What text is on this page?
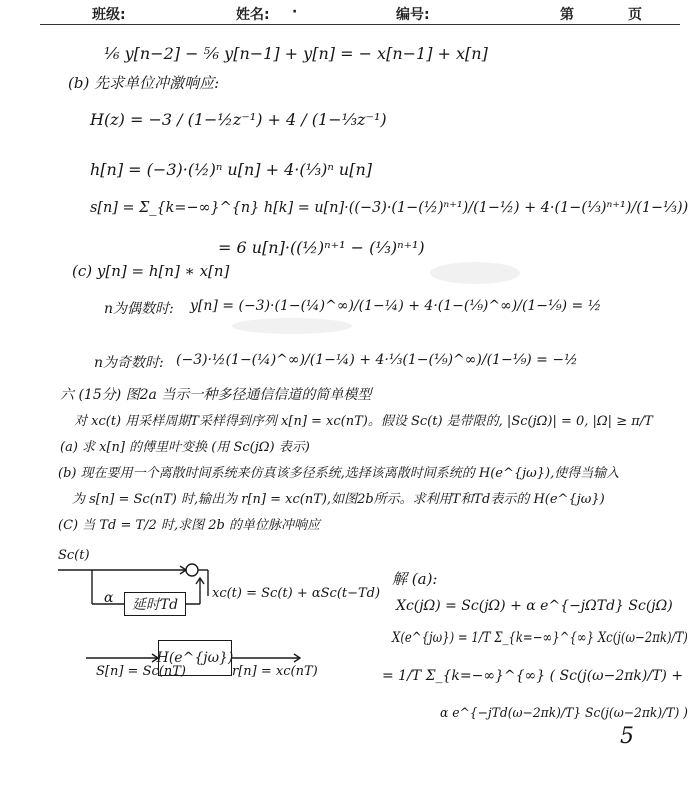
班级:	姓名: ·	编号:	第	页
¹⁄₆ y[n−2] − ⁵⁄₆ y[n−1] + y[n] = − x[n−1] + x[n]
(b) 先求单位冲激响应:
H(z) = −3 / (1−½z⁻¹) + 4 / (1−⅓z⁻¹)
h[n] = (−3)·(½)ⁿ u[n] + 4·(⅓)ⁿ u[n]
s[n] = Σ_{k=−∞}^{n} h[k] = u[n]·((−3)·(1−(½)ⁿ⁺¹)/(1−½) + 4·(1−(⅓)ⁿ⁺¹)/(1−⅓))
= 6 u[n]·((½)ⁿ⁺¹ − (⅓)ⁿ⁺¹)
(c) y[n] = h[n] ∗ x[n]
n为偶数时: y[n] = (−3)·(1−(¼)^∞)/(1−¼) + 4·(1−(⅑)^∞)/(1−⅑) = ½
n为奇数时: (−3)·½(1−(¼)^∞)/(1−¼) + 4·⅓(1−(⅑)^∞)/(1−⅑) = −½
六 (15分) 图2a 当示一种多径通信信道的简单模型
对 xc(t) 用采样周期T采样得到序列 x[n] = xc(nT)。假设 Sc(t) 是带限的, |Sc(jΩ)| = 0, |Ω| ≥ π/T
(a) 求 x[n] 的傅里叶变换 (用 Sc(jΩ) 表示)
(b) 现在要用一个离散时间系统来仿真该多径系统,选择该离散时间系统的 H(e^{jω}),使得当输入
为 s[n] = Sc(nT) 时,输出为 r[n] = xc(nT),如图2b所示。求利用T和Td表示的 H(e^{jω})
(C) 当 Td = T/2 时,求图 2b 的单位脉冲响应
Sc(t)
α 延时Td
xc(t) = Sc(t) + αSc(t−Td)
H(e^{jω})
S[n] = Sc(nT)	r[n] = xc(nT)
解 (a):
Xc(jΩ) = Sc(jΩ) + α e^{−jΩTd} Sc(jΩ)
X(e^{jω}) = 1/T Σ_{k=−∞}^{∞} Xc(j(ω−2πk)/T)
= 1/T Σ_{k=−∞}^{∞} ( Sc(j(ω−2πk)/T) +
α e^{−jTd(ω−2πk)/T} Sc(j(ω−2πk)/T) )
5
